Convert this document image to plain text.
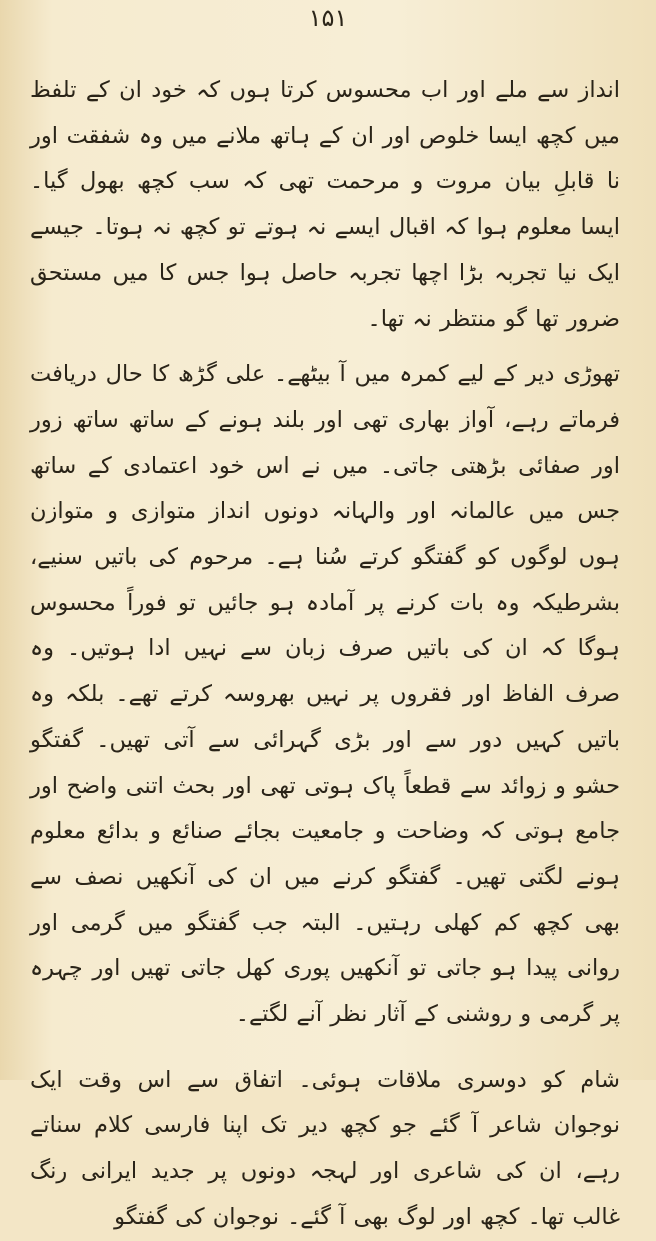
۱۵۱

انداز سے ملے اور اب محسوس کرتا ہوں کہ خود ان کے تلفظ میں کچھ ایسا خلوص اور ان کے ہاتھ ملانے میں وہ شفقت اور نا قابلِ بیان مروت و مرحمت تھی کہ سب کچھ بھول گیا۔ ایسا معلوم ہوا کہ اقبال ایسے نہ ہوتے تو کچھ نہ ہوتا۔ جیسے ایک نیا تجربہ بڑا اچھا تجربہ حاصل ہوا جس کا میں مستحق ضرور تھا گو منتظر نہ تھا۔

تھوڑی دیر کے لیے کمرہ میں آ بیٹھے۔ علی گڑھ کا حال دریافت فرماتے رہے، آواز بھاری تھی اور بلند ہونے کے ساتھ ساتھ زور اور صفائی بڑھتی جاتی۔ میں نے اس خود اعتمادی کے ساتھ جس میں عالمانہ اور والہانہ دونوں انداز متوازی و متوازن ہوں لوگوں کو گفتگو کرتے سُنا ہے۔ مرحوم کی باتیں سنیے، بشرطیکہ وہ بات کرنے پر آمادہ ہو جائیں تو فوراً محسوس ہوگا کہ ان کی باتیں صرف زبان سے نہیں ادا ہوتیں۔ وہ صرف الفاظ اور فقروں پر نہیں بھروسہ کرتے تھے۔ بلکہ وہ باتیں کہیں دور سے اور بڑی گہرائی سے آتی تھیں۔ گفتگو حشو و زوائد سے قطعاً پاک ہوتی تھی اور بحث اتنی واضح اور جامع ہوتی کہ وضاحت و جامعیت بجائے صنائع و بدائع معلوم ہونے لگتی تھیں۔ گفتگو کرنے میں ان کی آنکھیں نصف سے بھی کچھ کم کھلی رہتیں۔ البتہ جب گفتگو میں گرمی اور روانی پیدا ہو جاتی تو آنکھیں پوری کھل جاتی تھیں اور چہرہ پر گرمی و روشنی کے آثار نظر آنے لگتے۔

شام کو دوسری ملاقات ہوئی۔ اتفاق سے اس وقت ایک نوجوان شاعر آ گئے جو کچھ دیر تک اپنا فارسی کلام سناتے رہے، ان کی شاعری اور لہجہ دونوں پر جدید ایرانی رنگ غالب تھا۔ کچھ اور لوگ بھی آ گئے۔ نوجوان کی گفتگو
